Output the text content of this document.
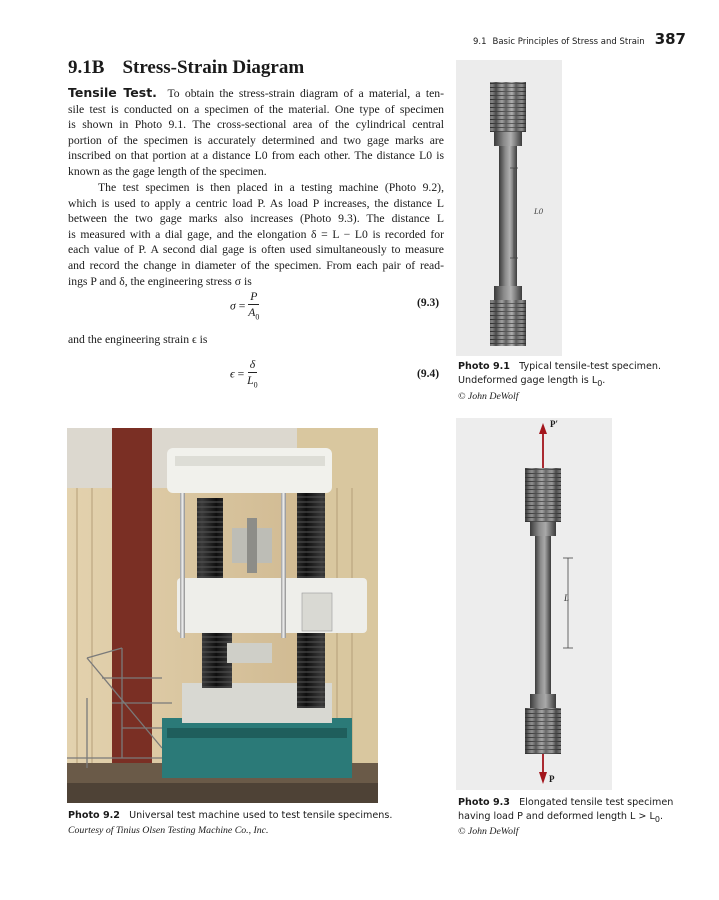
9.1 Basic Principles of Stress and Strain 387
9.1B Stress-Strain Diagram
Tensile Test. To obtain the stress-strain diagram of a material, a ten-
sile test is conducted on a specimen of the material. One type of specimen
is shown in Photo 9.1. The cross-sectional area of the cylindrical central
portion of the specimen is accurately determined and two gage marks are
inscribed on that portion at a distance L0 from each other. The distance L0 is
known as the gage length of the specimen.
The test specimen is then placed in a testing machine (Photo 9.2),
which is used to apply a centric load P. As load P increases, the distance L
between the two gage marks also increases (Photo 9.3). The distance L
is measured with a dial gage, and the elongation δ = L − L0 is recorded for
each value of P. A second dial gage is often used simultaneously to measure
and record the change in diameter of the specimen. From each pair of read-
ings P and δ, the engineering stress σ is
$\sigma = \frac{P}{A_0}$	(9.3)
and the engineering strain ϵ is
$\epsilon = \frac{\delta}{L_0}$	(9.4)
L0
Photo 9.1 Typical tensile-test specimen.
Undeformed gage length is $L_0$.
© John DeWolf
Photo 9.2 Universal test machine used to test tensile specimens.
Courtesy of Tinius Olsen Testing Machine Co., Inc.
P′
L
P
Photo 9.3 Elongated tensile test specimen
having load P and deformed length $L > L_0$.
© John DeWolf
